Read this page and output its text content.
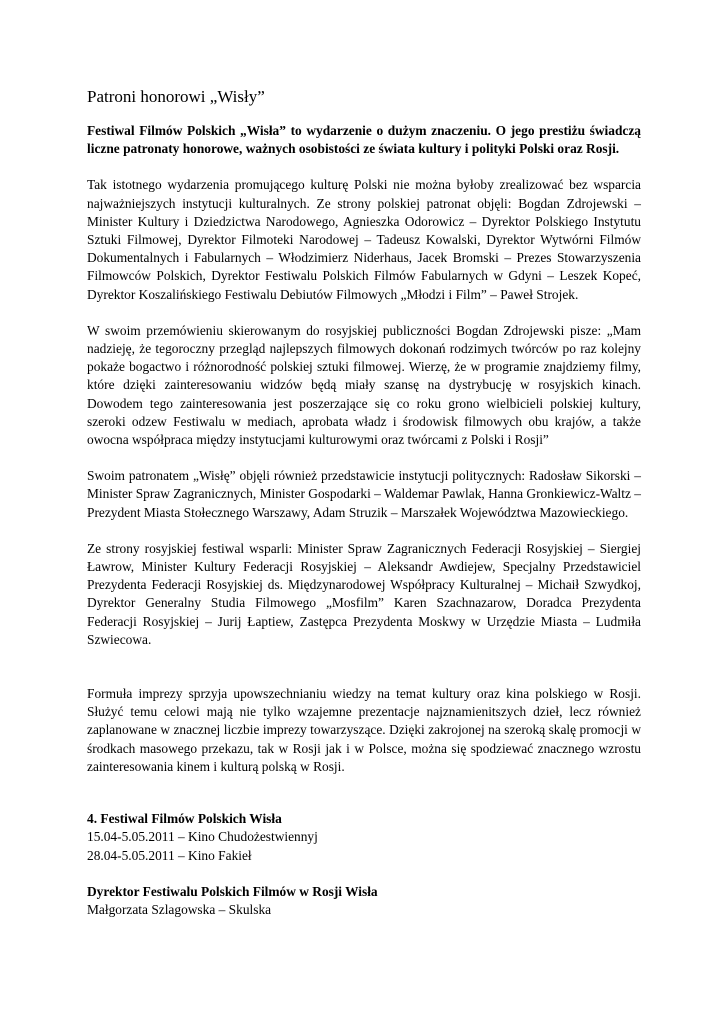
Patroni honorowi „Wisły”

Festiwal Filmów Polskich „Wisła” to wydarzenie o dużym znaczeniu. O jego prestiżu świadczą liczne patronaty honorowe, ważnych osobistości ze świata kultury i polityki Polski oraz Rosji.

Tak istotnego wydarzenia promującego kulturę Polski nie można byłoby zrealizować bez wsparcia najważniejszych instytucji kulturalnych. Ze strony polskiej patronat objęli: Bogdan Zdrojewski – Minister Kultury i Dziedzictwa Narodowego, Agnieszka Odorowicz – Dyrektor Polskiego Instytutu Sztuki Filmowej, Dyrektor Filmoteki Narodowej – Tadeusz Kowalski, Dyrektor Wytwórni Filmów Dokumentalnych i Fabularnych – Włodzimierz Niderhaus, Jacek Bromski – Prezes Stowarzyszenia Filmowców Polskich, Dyrektor Festiwalu Polskich Filmów Fabularnych w Gdyni – Leszek Kopeć, Dyrektor Koszalińskiego Festiwalu Debiutów Filmowych „Młodzi i Film” – Paweł Strojek.

W swoim przemówieniu skierowanym do rosyjskiej publiczności Bogdan Zdrojewski pisze: „Mam nadzieję, że tegoroczny przegląd najlepszych filmowych dokonań rodzimych twórców po raz kolejny pokaże bogactwo i różnorodność polskiej sztuki filmowej. Wierzę, że w programie znajdziemy filmy, które dzięki zainteresowaniu widzów będą miały szansę na dystrybucję w rosyjskich kinach. Dowodem tego zainteresowania jest poszerzające się co roku grono wielbicieli polskiej kultury, szeroki odzew Festiwalu w mediach, aprobata władz i środowisk filmowych obu krajów, a także owocna współpraca między instytucjami kulturowymi oraz twórcami z Polski i Rosji”

Swoim patronatem „Wisłę” objęli również przedstawicie instytucji politycznych: Radosław Sikorski – Minister Spraw Zagranicznych, Minister Gospodarki – Waldemar Pawlak, Hanna Gronkiewicz-Waltz – Prezydent Miasta Stołecznego Warszawy, Adam Struzik – Marszałek Województwa Mazowieckiego.

Ze strony rosyjskiej festiwal wsparli: Minister Spraw Zagranicznych Federacji Rosyjskiej – Siergiej Ławrow, Minister Kultury Federacji Rosyjskiej – Aleksandr Awdiejew, Specjalny Przedstawiciel Prezydenta Federacji Rosyjskiej ds. Międzynarodowej Współpracy Kulturalnej – Michaił Szwydkoj, Dyrektor Generalny Studia Filmowego „Mosfilm” Karen Szachnazarow, Doradca Prezydenta Federacji Rosyjskiej – Jurij Łaptiew, Zastępca Prezydenta Moskwy w Urzędzie Miasta – Ludmiła Szwiecowa.

Formuła imprezy sprzyja upowszechnianiu wiedzy na temat kultury oraz kina polskiego w Rosji. Służyć temu celowi mają nie tylko wzajemne prezentacje najznamienitszych dzieł, lecz również zaplanowane w znacznej liczbie imprezy towarzyszące. Dzięki zakrojonej na szeroką skalę promocji w środkach masowego przekazu, tak w Rosji jak i w Polsce, można się spodziewać znacznego wzrostu zainteresowania kinem i kulturą polską w Rosji.

4. Festiwal Filmów Polskich Wisła
15.04-5.05.2011 – Kino Chudożestwiennyj
28.04-5.05.2011 – Kino Fakieł
Dyrektor Festiwalu Polskich Filmów w Rosji Wisła
Małgorzata Szlagowska – Skulska
